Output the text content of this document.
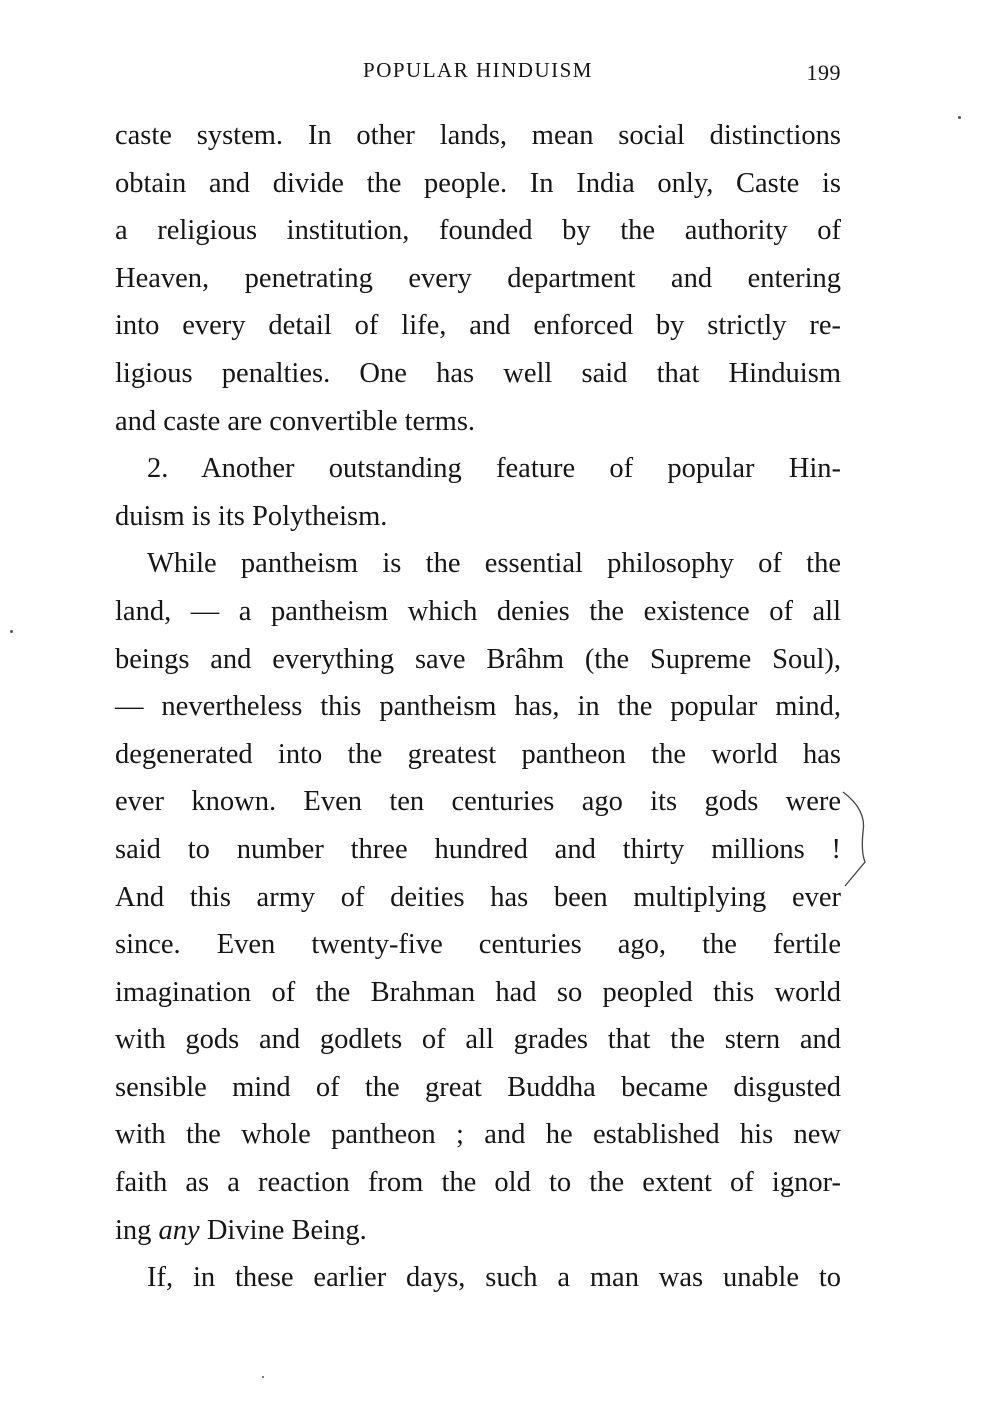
POPULAR HINDUISM	199
caste system. In other lands, mean social distinctions
obtain and divide the people. In India only, Caste is
a religious institution, founded by the authority of
Heaven, penetrating every department and entering
into every detail of life, and enforced by strictly re-
ligious penalties. One has well said that Hinduism
and caste are convertible terms.
2. Another outstanding feature of popular Hin-
duism is its Polytheism.
While pantheism is the essential philosophy of the
land, — a pantheism which denies the existence of all
beings and everything save Brâhm (the Supreme Soul),
— nevertheless this pantheism has, in the popular mind,
degenerated into the greatest pantheon the world has
ever known. Even ten centuries ago its gods were
said to number three hundred and thirty millions !
And this army of deities has been multiplying ever
since. Even twenty-five centuries ago, the fertile
imagination of the Brahman had so peopled this world
with gods and godlets of all grades that the stern and
sensible mind of the great Buddha became disgusted
with the whole pantheon ; and he established his new
faith as a reaction from the old to the extent of ignor-
ing any Divine Being.
If, in these earlier days, such a man was unable to
